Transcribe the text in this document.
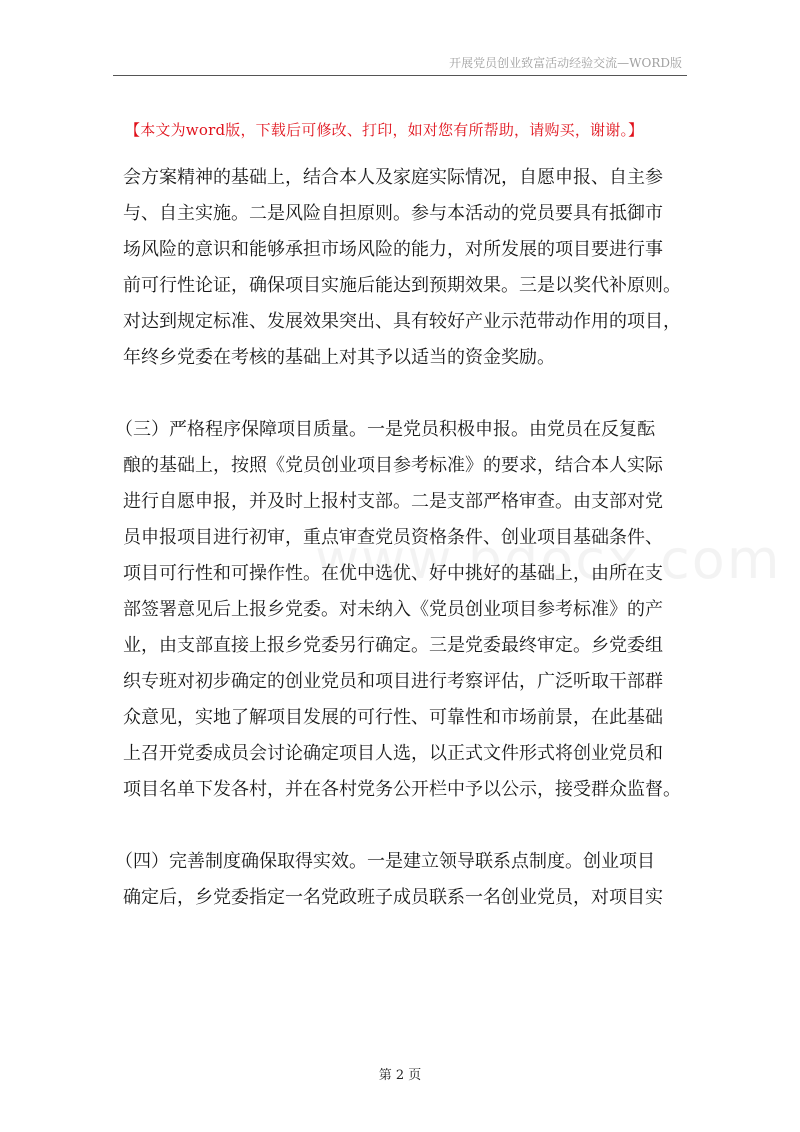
开展党员创业致富活动经验交流—WORD版
【本文为word版，下载后可修改、打印，如对您有所帮助，请购买，谢谢。】
会方案精神的基础上，结合本人及家庭实际情况，自愿申报、自主参
与、自主实施。二是风险自担原则。参与本活动的党员要具有抵御市
场风险的意识和能够承担市场风险的能力，对所发展的项目要进行事
前可行性论证，确保项目实施后能达到预期效果。三是以奖代补原则。
对达到规定标准、发展效果突出、具有较好产业示范带动作用的项目，
年终乡党委在考核的基础上对其予以适当的资金奖励。
（三）严格程序保障项目质量。一是党员积极申报。由党员在反复酝
酿的基础上，按照《党员创业项目参考标准》的要求，结合本人实际
进行自愿申报，并及时上报村支部。二是支部严格审查。由支部对党
员申报项目进行初审，重点审查党员资格条件、创业项目基础条件、
项目可行性和可操作性。在优中选优、好中挑好的基础上，由所在支
部签署意见后上报乡党委。对未纳入《党员创业项目参考标准》的产
业，由支部直接上报乡党委另行确定。三是党委最终审定。乡党委组
织专班对初步确定的创业党员和项目进行考察评估，广泛听取干部群
众意见，实地了解项目发展的可行性、可靠性和市场前景，在此基础
上召开党委成员会讨论确定项目人选，以正式文件形式将创业党员和
项目名单下发各村，并在各村党务公开栏中予以公示，接受群众监督。
（四）完善制度确保取得实效。一是建立领导联系点制度。创业项目
确定后，乡党委指定一名党政班子成员联系一名创业党员，对项目实
第 2 页
